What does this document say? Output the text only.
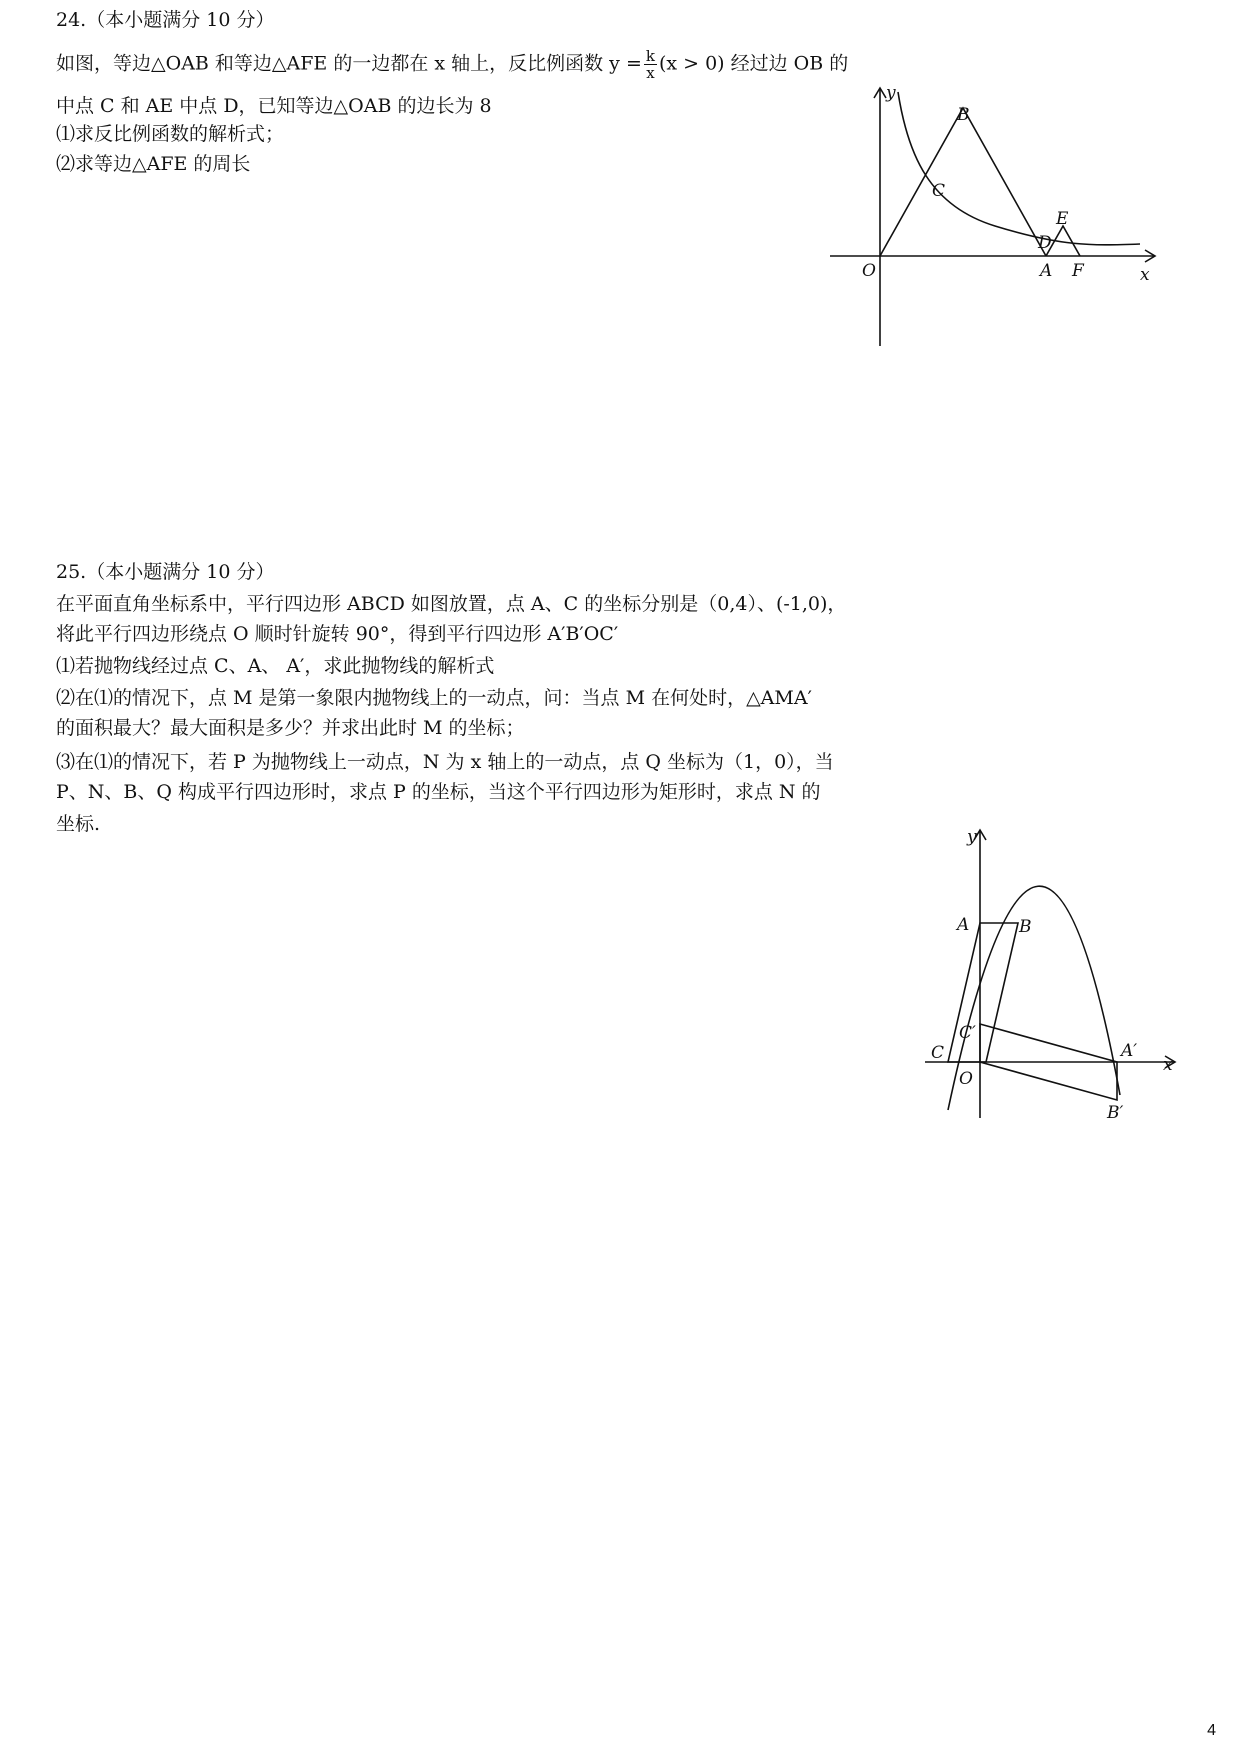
24.（本小题满分 10 分）
如图，等边△OAB 和等边△AFE 的一边都在 x 轴上，反比例函数 $y = \frac{k}{x} (x > 0)$ 经过边 OB 的
中点 C 和 AE 中点 D，已知等边△OAB 的边长为 8
⑴求反比例函数的解析式；
⑵求等边△AFE 的周长
y
B
C
E
D
O	A F	x
25.（本小题满分 10 分）
在平面直角坐标系中，平行四边形 ABCD 如图放置，点 A、C 的坐标分别是（0,4）、(-1,0)，
将此平行四边形绕点 O 顺时针旋转 90°，得到平行四边形 A′B′OC′
⑴若抛物线经过点 C、A、 A′，求此抛物线的解析式
⑵在⑴的情况下，点 M 是第一象限内抛物线上的一动点，问：当点 M 在何处时，△AMA′
的面积最大？最大面积是多少？并求出此时 M 的坐标；
⑶在⑴的情况下，若 P 为抛物线上一动点，N 为 x 轴上的一动点，点 Q 坐标为（1，0），当
P、N、B、Q 构成平行四边形时，求点 P 的坐标，当这个平行四边形为矩形时，求点 N 的
坐标.
y
A	B
C′
C
O
A′
x
B′
4
